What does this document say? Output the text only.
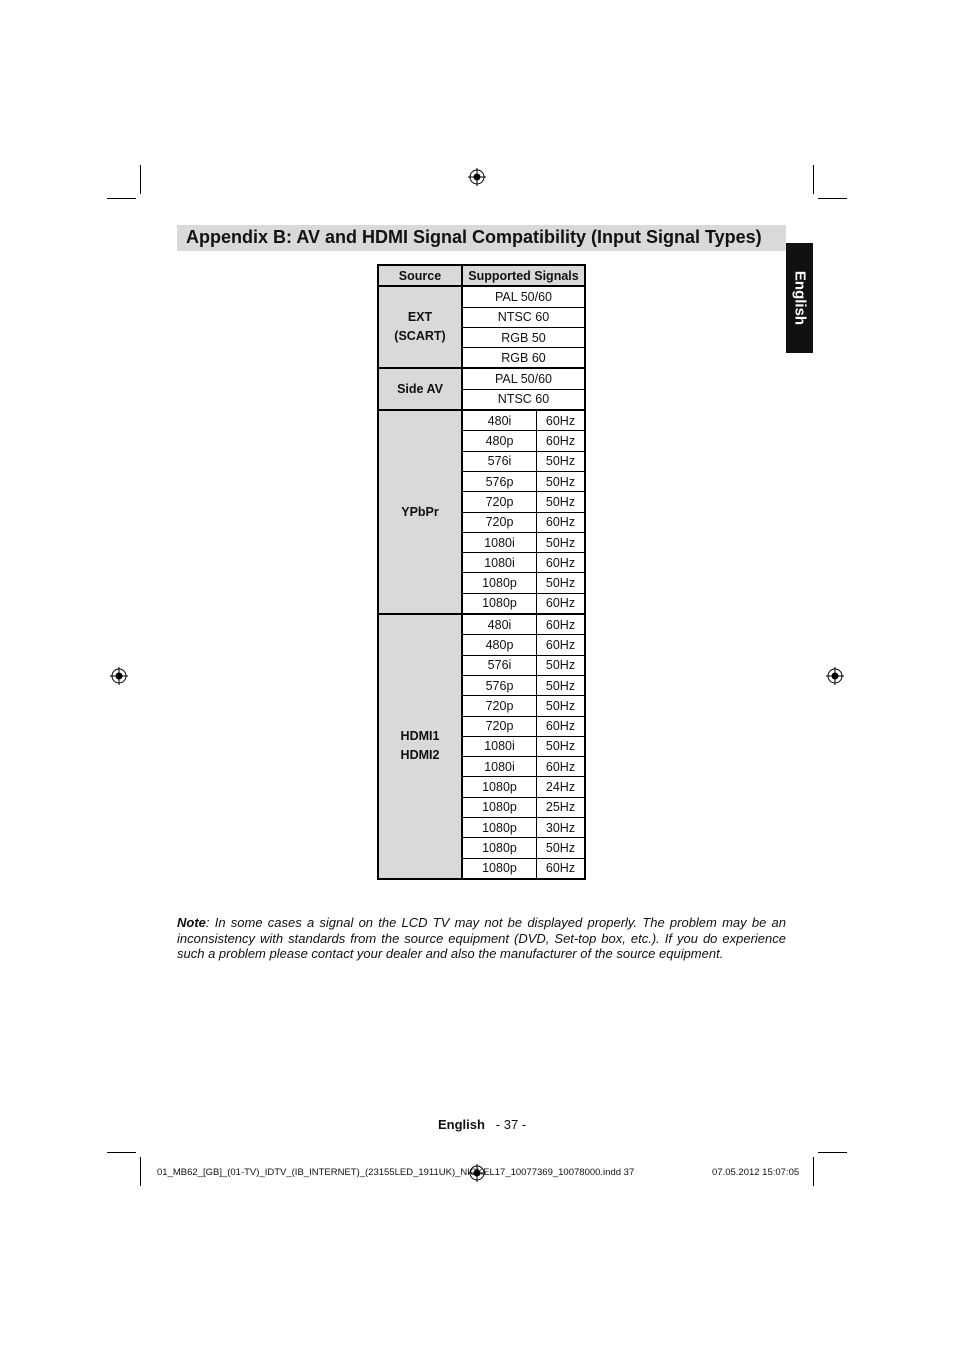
Appendix B: AV and HDMI Signal Compatibility (Input Signal Types)
English
Source	Supported Signals	

EXT
(SCART)	PAL 50/60	
	NTSC 60	
	RGB 50	
	RGB 60	

Side AV	PAL 50/60	
	NTSC 60	

YPbPr	480i	60Hz
	480p	60Hz
	576i	50Hz
	576p	50Hz
	720p	50Hz
	720p	60Hz
	1080i	50Hz
	1080i	60Hz
	1080p	50Hz
	1080p	60Hz

HDMI1
HDMI2	480i	60Hz
	480p	60Hz
	576i	50Hz
	576p	50Hz
	720p	50Hz
	720p	60Hz
	1080i	50Hz
	1080i	60Hz
	1080p	24Hz
	1080p	25Hz
	1080p	30Hz
	1080p	50Hz
	1080p	60Hz
Note: In some cases a signal on the LCD TV may not be displayed properly. The problem may be an inconsistency with standards from the source equipment (DVD, Set-top box, etc.). If you do experience such a problem please contact your dealer and also the manufacturer of the source equipment.
English - 37 -
01_MB62_[GB]_(01-TV)_IDTV_(IB_INTERNET)_(23155LED_1911UK)_NICKEL17_10077369_10078000.indd 37	07.05.2012 15:07:05
